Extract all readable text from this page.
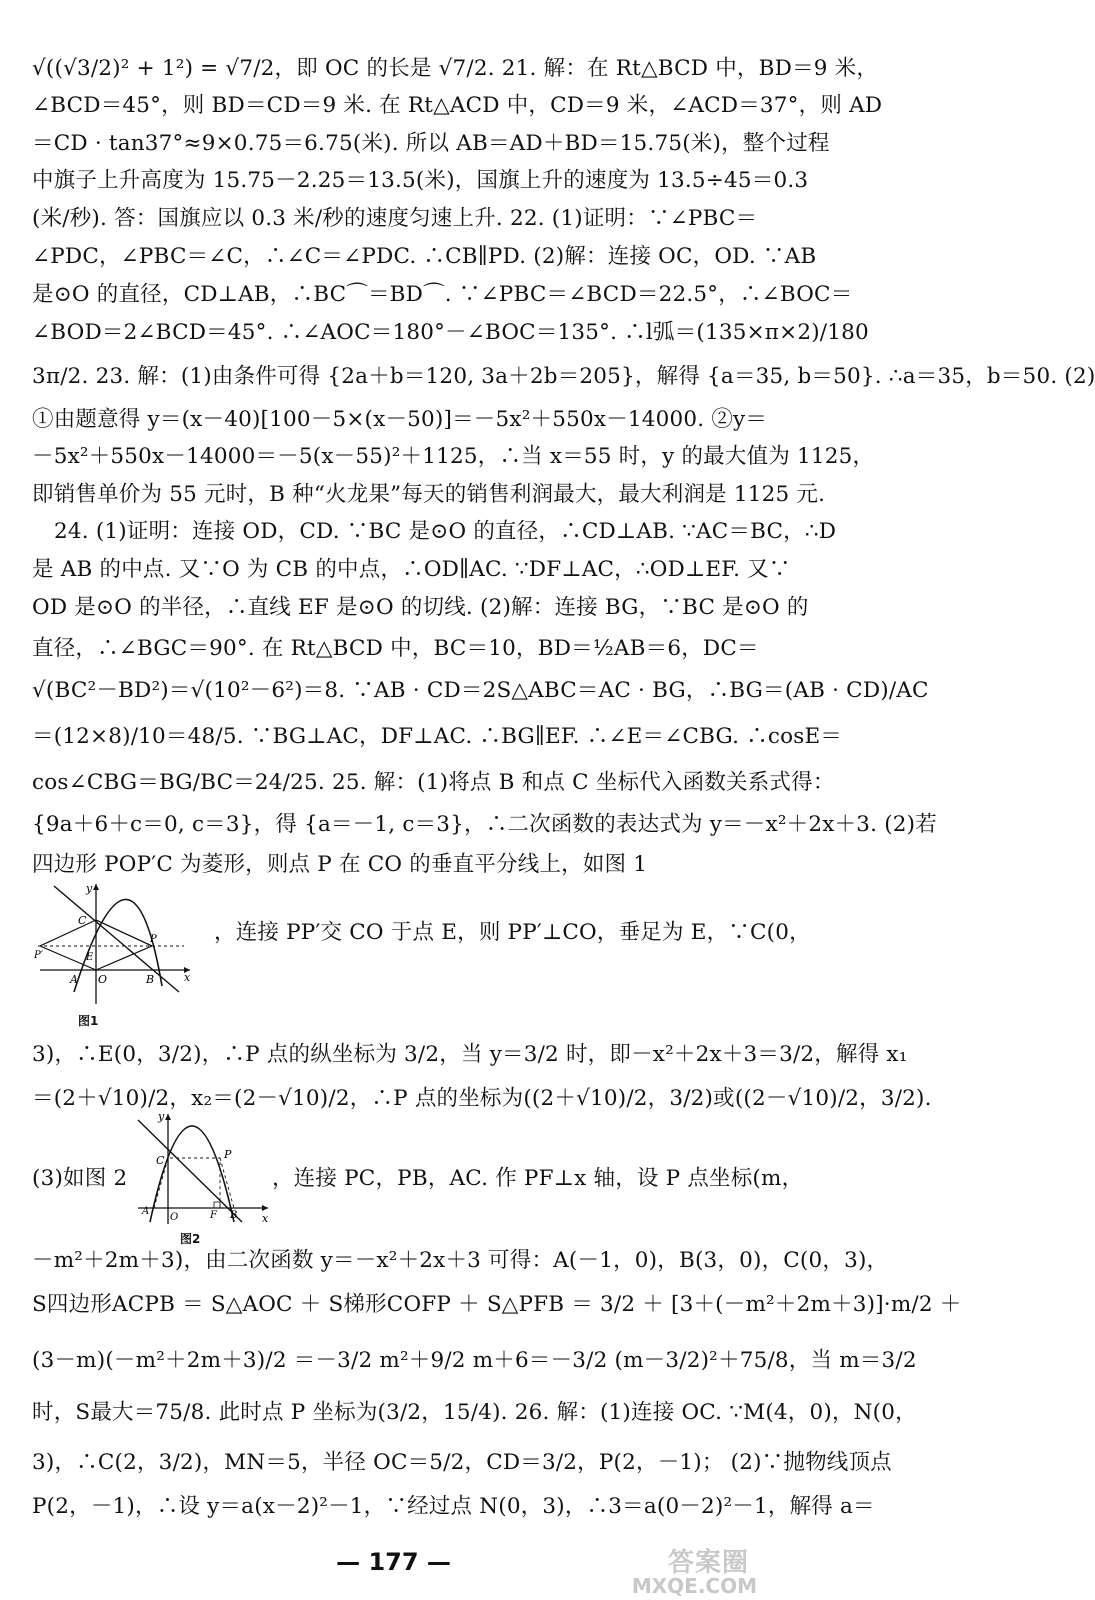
√((√3/2)² + 1²) = √7/2，即 OC 的长是 √7/2. 21. 解：在 Rt△BCD 中，BD＝9 米，
∠BCD＝45°，则 BD＝CD＝9 米. 在 Rt△ACD 中，CD＝9 米，∠ACD＝37°，则 AD
＝CD · tan37°≈9×0.75＝6.75(米). 所以 AB＝AD＋BD＝15.75(米)，整个过程
中旗子上升高度为 15.75－2.25＝13.5(米)，国旗上升的速度为 13.5÷45＝0.3
(米/秒). 答：国旗应以 0.3 米/秒的速度匀速上升. 22. (1)证明：∵∠PBC＝
∠PDC，∠PBC＝∠C，∴∠C＝∠PDC. ∴CB∥PD. (2)解：连接 OC，OD. ∵AB
是⊙O 的直径，CD⊥AB，∴BC⌒＝BD⌒. ∵∠PBC＝∠BCD＝22.5°，∴∠BOC＝
∠BOD＝2∠BCD＝45°. ∴∠AOC＝180°－∠BOC＝135°. ∴l弧＝(135×π×2)/180
3π/2. 23. 解：(1)由条件可得 {2a＋b＝120, 3a＋2b＝205}，解得 {a＝35, b＝50}. ∴a＝35，b＝50. (2)
①由题意得 y＝(x－40)[100－5×(x－50)]＝－5x²＋550x－14000. ②y＝
－5x²＋550x－14000＝－5(x－55)²＋1125，∴当 x＝55 时，y 的最大值为 1125，
即销售单价为 55 元时，B 种“火龙果”每天的销售利润最大，最大利润是 1125 元.
24. (1)证明：连接 OD，CD. ∵BC 是⊙O 的直径，∴CD⊥AB. ∵AC＝BC，∴D
是 AB 的中点. 又∵O 为 CB 的中点，∴OD∥AC. ∵DF⊥AC，∴OD⊥EF. 又∵
OD 是⊙O 的半径，∴直线 EF 是⊙O 的切线. (2)解：连接 BG，∵BC 是⊙O 的
直径，∴∠BGC＝90°. 在 Rt△BCD 中，BC＝10，BD＝½AB＝6，DC＝
√(BC²－BD²)＝√(10²－6²)＝8. ∵AB · CD＝2S△ABC＝AC · BG，∴BG＝(AB · CD)/AC
＝(12×8)/10＝48/5. ∵BG⊥AC，DF⊥AC. ∴BG∥EF. ∴∠E＝∠CBG. ∴cosE＝
cos∠CBG＝BG/BC＝24/25. 25. 解：(1)将点 B 和点 C 坐标代入函数关系式得：
{9a＋6＋c＝0, c＝3}，得 {a＝－1, c＝3}，∴二次函数的表达式为 y＝－x²＋2x＋3. (2)若
四边形 POP′C 为菱形，则点 P 在 CO 的垂直平分线上，如图 1
y
C
E
P′
P
A O	B	x
图1
，连接 PP′交 CO 于点 E，则 PP′⊥CO，垂足为 E，∵C(0，
3)，∴E(0，3/2)，∴P 点的纵坐标为 3/2，当 y＝3/2 时，即－x²＋2x＋3＝3/2，解得 x₁
＝(2＋√10)/2，x₂＝(2－√10)/2，∴P 点的坐标为((2＋√10)/2，3/2)或((2－√10)/2，3/2).
y
C	P
A
O	F B x
图2
(3)如图 2	，连接 PC，PB，AC. 作 PF⊥x 轴，设 P 点坐标(m，
－m²＋2m＋3)，由二次函数 y＝－x²＋2x＋3 可得：A(－1，0)，B(3，0)，C(0，3)，
S四边形ACPB ＝ S△AOC ＋ S梯形COFP ＋ S△PFB ＝ 3/2 ＋ [3＋(－m²＋2m＋3)]·m/2 ＋
(3－m)(－m²＋2m＋3)/2 ＝－3/2 m²＋9/2 m＋6＝－3/2 (m－3/2)²＋75/8，当 m＝3/2
时，S最大＝75/8. 此时点 P 坐标为(3/2，15/4). 26. 解：(1)连接 OC. ∵M(4，0)，N(0，
3)，∴C(2，3/2)，MN＝5，半径 OC＝5/2，CD＝3/2，P(2，－1)； (2)∵抛物线顶点
P(2，－1)，∴设 y＝a(x－2)²－1，∵经过点 N(0，3)，∴3＝a(0－2)²－1，解得 a＝
— 177 —	答案圈
MXQE.COM
